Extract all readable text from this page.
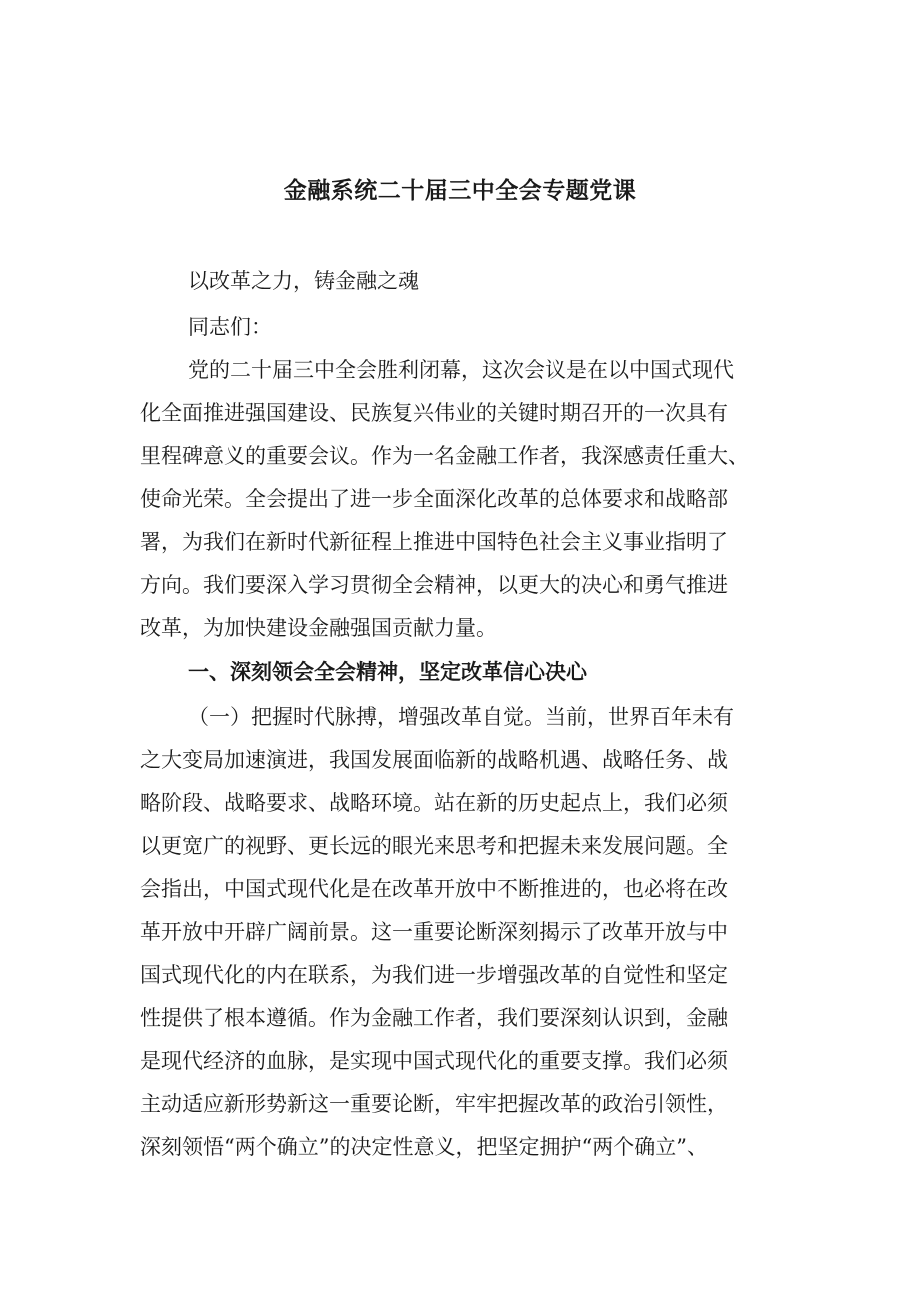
金融系统二十届三中全会专题党课

以改革之力，铸金融之魂

同志们：

党的二十届三中全会胜利闭幕，这次会议是在以中国式现代

化全面推进强国建设、民族复兴伟业的关键时期召开的一次具有

里程碑意义的重要会议。作为一名金融工作者，我深感责任重大、

使命光荣。全会提出了进一步全面深化改革的总体要求和战略部

署，为我们在新时代新征程上推进中国特色社会主义事业指明了

方向。我们要深入学习贯彻全会精神，以更大的决心和勇气推进

改革，为加快建设金融强国贡献力量。

一、深刻领会全会精神，坚定改革信心决心

（一）把握时代脉搏，增强改革自觉。当前，世界百年未有

之大变局加速演进，我国发展面临新的战略机遇、战略任务、战

略阶段、战略要求、战略环境。站在新的历史起点上，我们必须

以更宽广的视野、更长远的眼光来思考和把握未来发展问题。全

会指出，中国式现代化是在改革开放中不断推进的，也必将在改

革开放中开辟广阔前景。这一重要论断深刻揭示了改革开放与中

国式现代化的内在联系，为我们进一步增强改革的自觉性和坚定

性提供了根本遵循。作为金融工作者，我们要深刻认识到，金融

是现代经济的血脉，是实现中国式现代化的重要支撑。我们必须

主动适应新形势新这一重要论断，牢牢把握改革的政治引领性，

深刻领悟“两个确立”的决定性意义，把坚定拥护“两个确立”、
